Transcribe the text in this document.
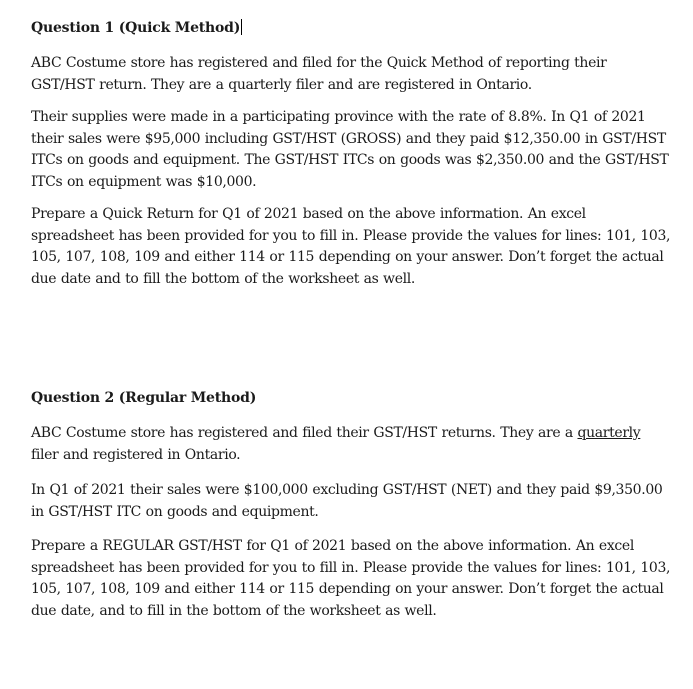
Question 1 (Quick Method)

ABC Costume store has registered and filed for the Quick Method of reporting their GST/HST return. They are a quarterly filer and are registered in Ontario.

Their supplies were made in a participating province with the rate of 8.8%. In Q1 of 2021 their sales were $95,000 including GST/HST (GROSS) and they paid $12,350.00 in GST/HST ITCs on goods and equipment. The GST/HST ITCs on goods was $2,350.00 and the GST/HST ITCs on equipment was $10,000.

Prepare a Quick Return for Q1 of 2021 based on the above information. An excel spreadsheet has been provided for you to fill in. Please provide the values for lines: 101, 103, 105, 107, 108, 109 and either 114 or 115 depending on your answer. Don’t forget the actual due date and to fill the bottom of the worksheet as well.

Question 2 (Regular Method)

ABC Costume store has registered and filed their GST/HST returns. They are a quarterly filer and registered in Ontario.

In Q1 of 2021 their sales were $100,000 excluding GST/HST (NET) and they paid $9,350.00 in GST/HST ITC on goods and equipment.

Prepare a REGULAR GST/HST for Q1 of 2021 based on the above information. An excel spreadsheet has been provided for you to fill in. Please provide the values for lines: 101, 103, 105, 107, 108, 109 and either 114 or 115 depending on your answer. Don’t forget the actual due date, and to fill in the bottom of the worksheet as well.
